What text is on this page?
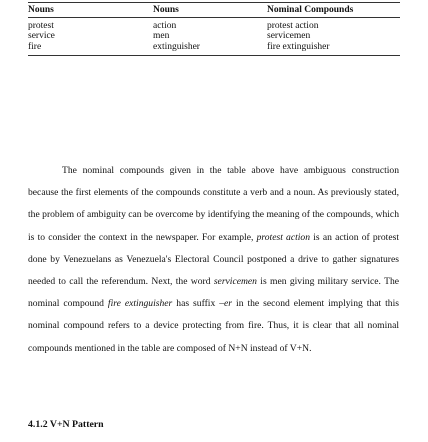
Nouns	Nouns	Nominal Compounds
protest	action	protest action
service	men	servicemen
fire	extinguisher	fire extinguisher

The nominal compounds given in the table above have ambiguous construction because the first elements of the compounds constitute a verb and a noun. As previously stated, the problem of ambiguity can be overcome by identifying the meaning of the compounds, which is to consider the context in the newspaper. For example, protest action is an action of protest done by Venezuelans as Venezuela's Electoral Council postponed a drive to gather signatures needed to call the referendum. Next, the word servicemen is men giving military service. The nominal compound fire extinguisher has suffix –er in the second element implying that this nominal compound refers to a device protecting from fire. Thus, it is clear that all nominal compounds mentioned in the table are composed of N+N instead of V+N.

4.1.2 V+N Pattern
